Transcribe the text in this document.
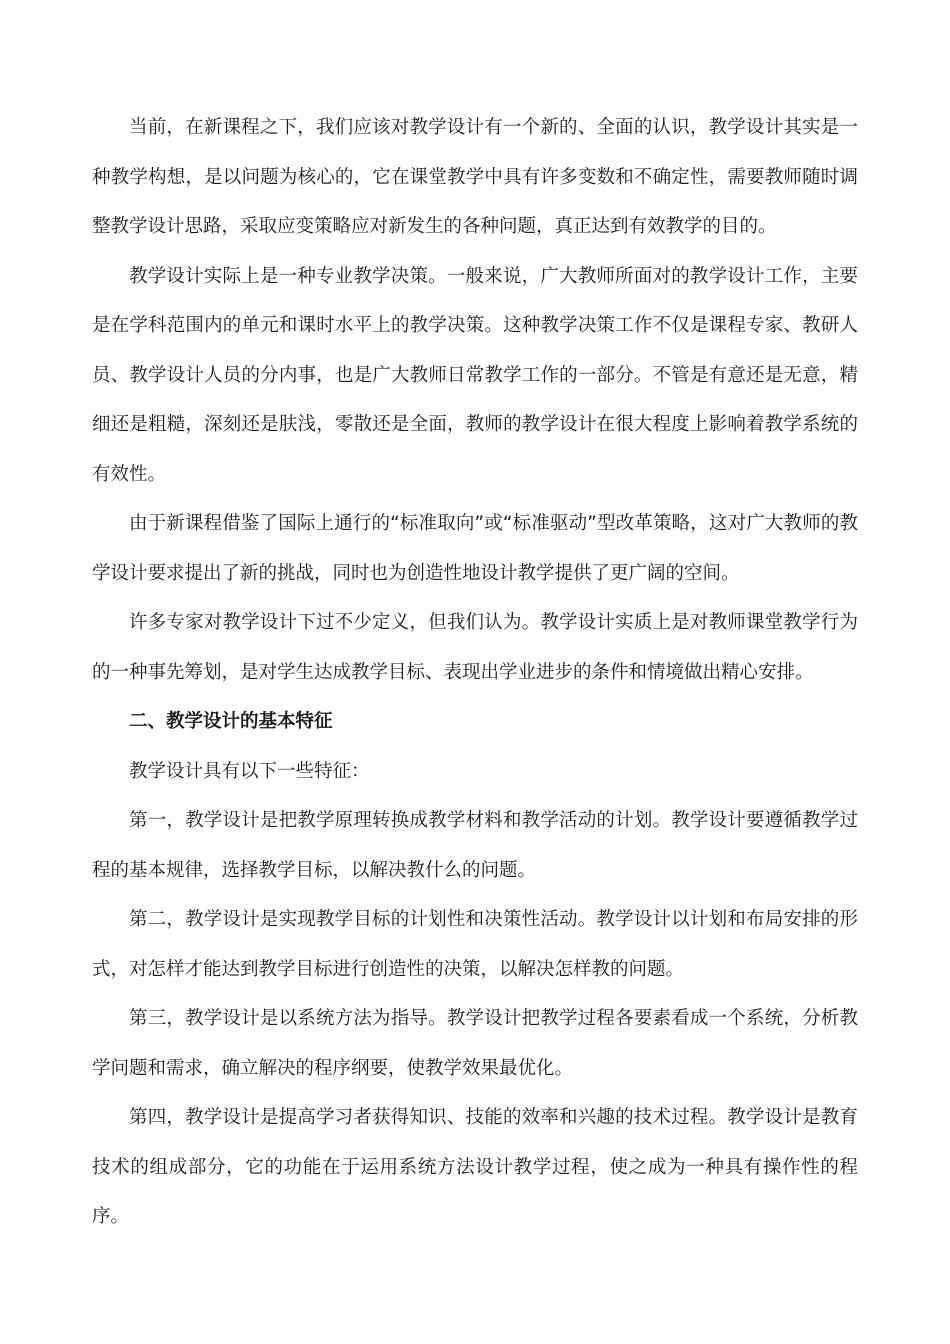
当前，在新课程之下，我们应该对教学设计有一个新的、全面的认识，教学设计其实是一种教学构想，是以问题为核心的，它在课堂教学中具有许多变数和不确定性，需要教师随时调整教学设计思路，采取应变策略应对新发生的各种问题，真正达到有效教学的目的。

教学设计实际上是一种专业教学决策。一般来说，广大教师所面对的教学设计工作，主要是在学科范围内的单元和课时水平上的教学决策。这种教学决策工作不仅是课程专家、教研人员、教学设计人员的分内事，也是广大教师日常教学工作的一部分。不管是有意还是无意，精细还是粗糙，深刻还是肤浅，零散还是全面，教师的教学设计在很大程度上影响着教学系统的有效性。

由于新课程借鉴了国际上通行的“标准取向”或“标准驱动”型改革策略，这对广大教师的教学设计要求提出了新的挑战，同时也为创造性地设计教学提供了更广阔的空间。

许多专家对教学设计下过不少定义，但我们认为。教学设计实质上是对教师课堂教学行为的一种事先筹划，是对学生达成教学目标、表现出学业进步的条件和情境做出精心安排。

二、教学设计的基本特征

教学设计具有以下一些特征：

第一，教学设计是把教学原理转换成教学材料和教学活动的计划。教学设计要遵循教学过程的基本规律，选择教学目标，以解决教什么的问题。

第二，教学设计是实现教学目标的计划性和决策性活动。教学设计以计划和布局安排的形式，对怎样才能达到教学目标进行创造性的决策，以解决怎样教的问题。

第三，教学设计是以系统方法为指导。教学设计把教学过程各要素看成一个系统，分析教学问题和需求，确立解决的程序纲要，使教学效果最优化。

第四，教学设计是提高学习者获得知识、技能的效率和兴趣的技术过程。教学设计是教育技术的组成部分，它的功能在于运用系统方法设计教学过程，使之成为一种具有操作性的程序。
